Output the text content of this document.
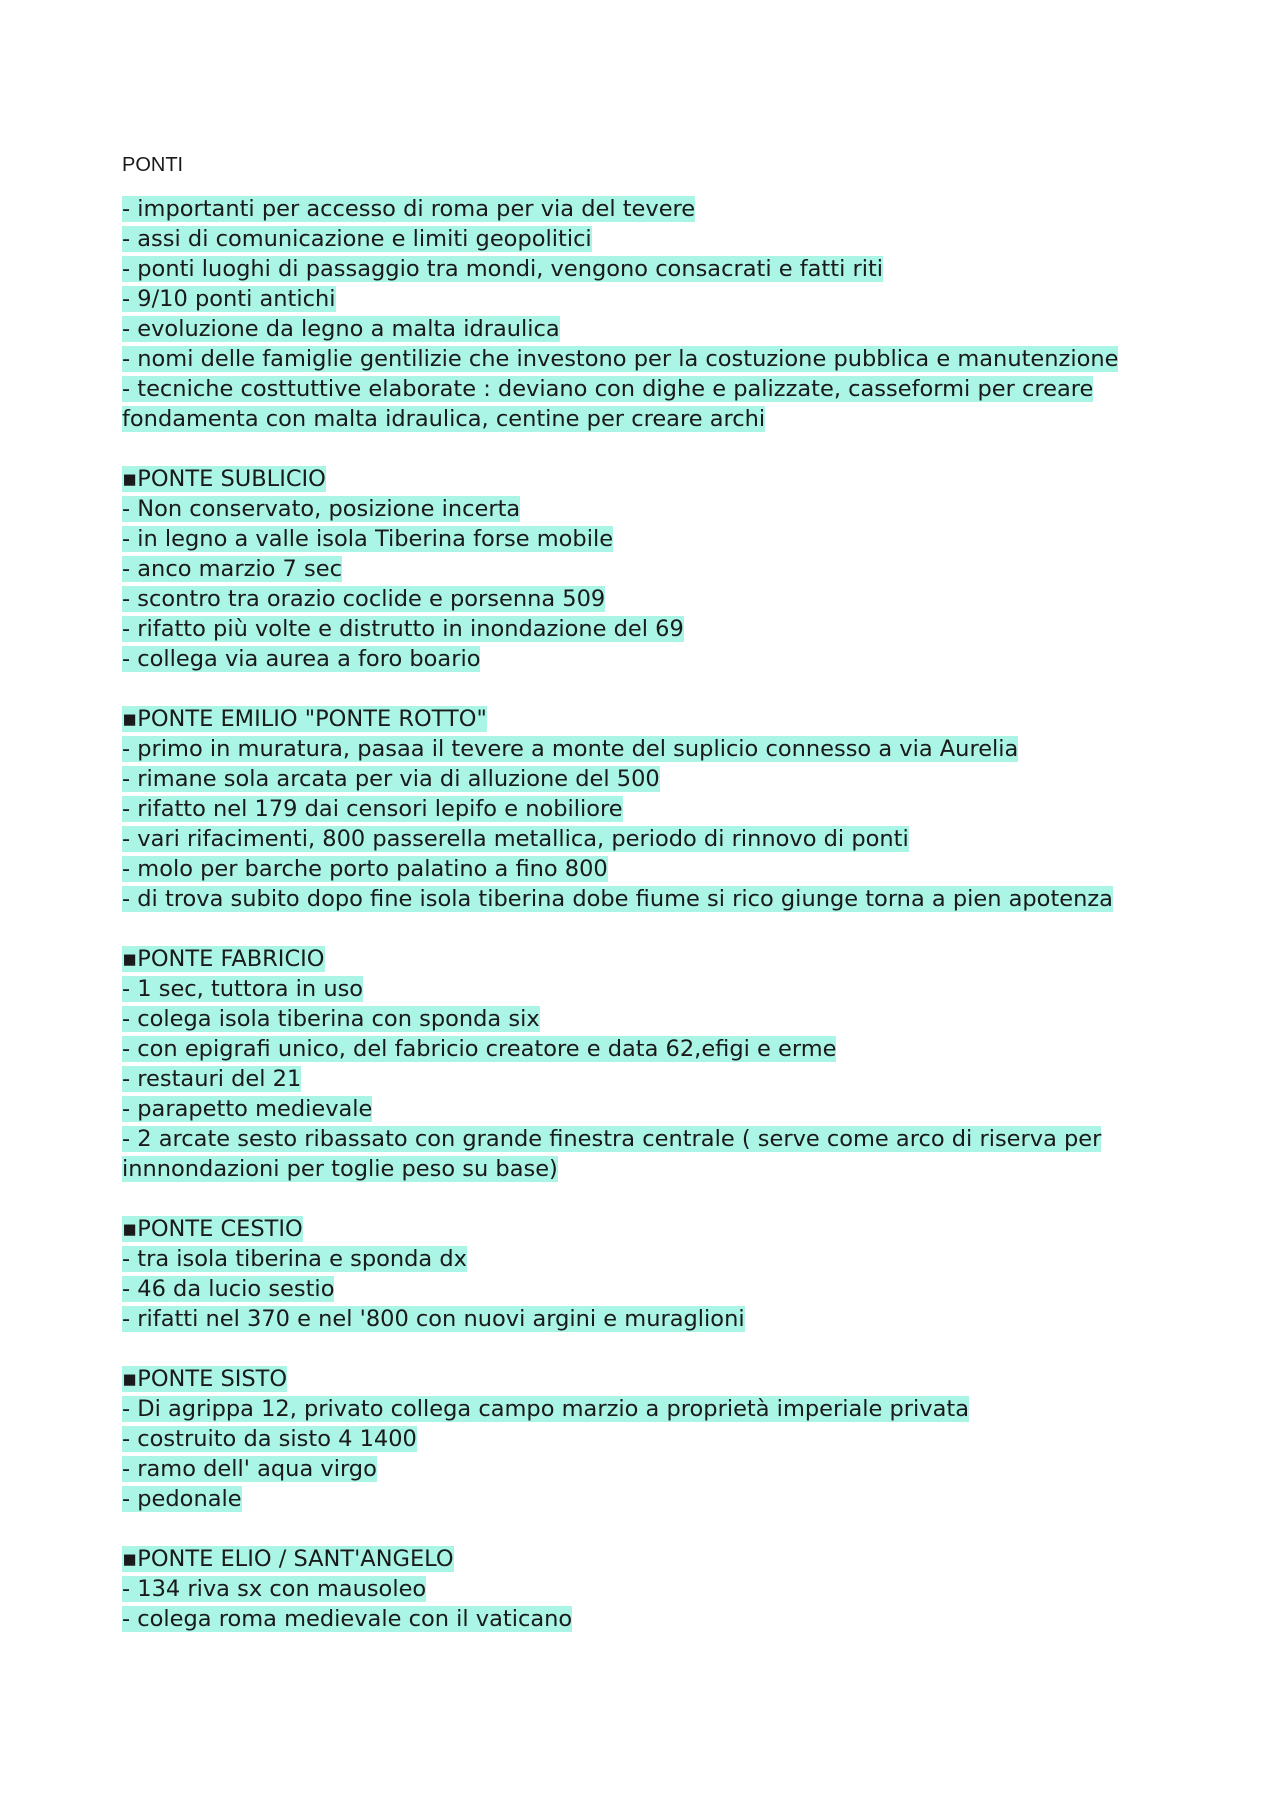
PONTI
- importanti per accesso di roma per via del tevere
- assi di comunicazione e limiti geopolitici
- ponti luoghi di passaggio tra mondi, vengono consacrati e fatti riti
- 9/10 ponti antichi
- evoluzione da legno a malta idraulica
- nomi delle famiglie gentilizie che investono per la costuzione pubblica e manutenzione
- tecniche costtuttive elaborate : deviano con dighe e palizzate, casseformi per creare fondamenta con malta idraulica, centine per creare archi
▪PONTE SUBLICIO
- Non conservato, posizione incerta
- in legno a valle isola Tiberina forse mobile
- anco marzio 7 sec
- scontro tra orazio coclide e porsenna 509
- rifatto più volte e distrutto in inondazione del 69
- collega via aurea a foro boario
▪PONTE EMILIO "PONTE ROTTO"
- primo in muratura, pasaa il tevere a monte del suplicio connesso a via Aurelia
- rimane sola arcata per via di alluzione del 500
- rifatto nel 179 dai censori lepifo e nobiliore
- vari rifacimenti, 800 passerella metallica, periodo di rinnovo di ponti
- molo per barche porto palatino a fino 800
- di trova subito dopo fine isola tiberina dobe fiume si rico giunge torna a pien apotenza
▪PONTE FABRICIO
- 1 sec, tuttora in uso
- colega isola tiberina con sponda six
- con epigrafi unico, del fabricio creatore e data 62,efigi e erme
- restauri del 21
- parapetto medievale
- 2 arcate sesto ribassato con grande finestra centrale ( serve come arco di riserva per innnondazioni per toglie peso su base)
▪PONTE CESTIO
- tra isola tiberina e sponda dx
- 46 da lucio sestio
- rifatti nel 370 e nel '800 con nuovi argini e muraglioni
▪PONTE SISTO
- Di agrippa 12, privato collega campo marzio a proprietà imperiale privata
- costruito da sisto 4 1400
- ramo dell' aqua virgo
- pedonale
▪PONTE ELIO / SANT'ANGELO
- 134 riva sx con mausoleo
- colega roma medievale con il vaticano
